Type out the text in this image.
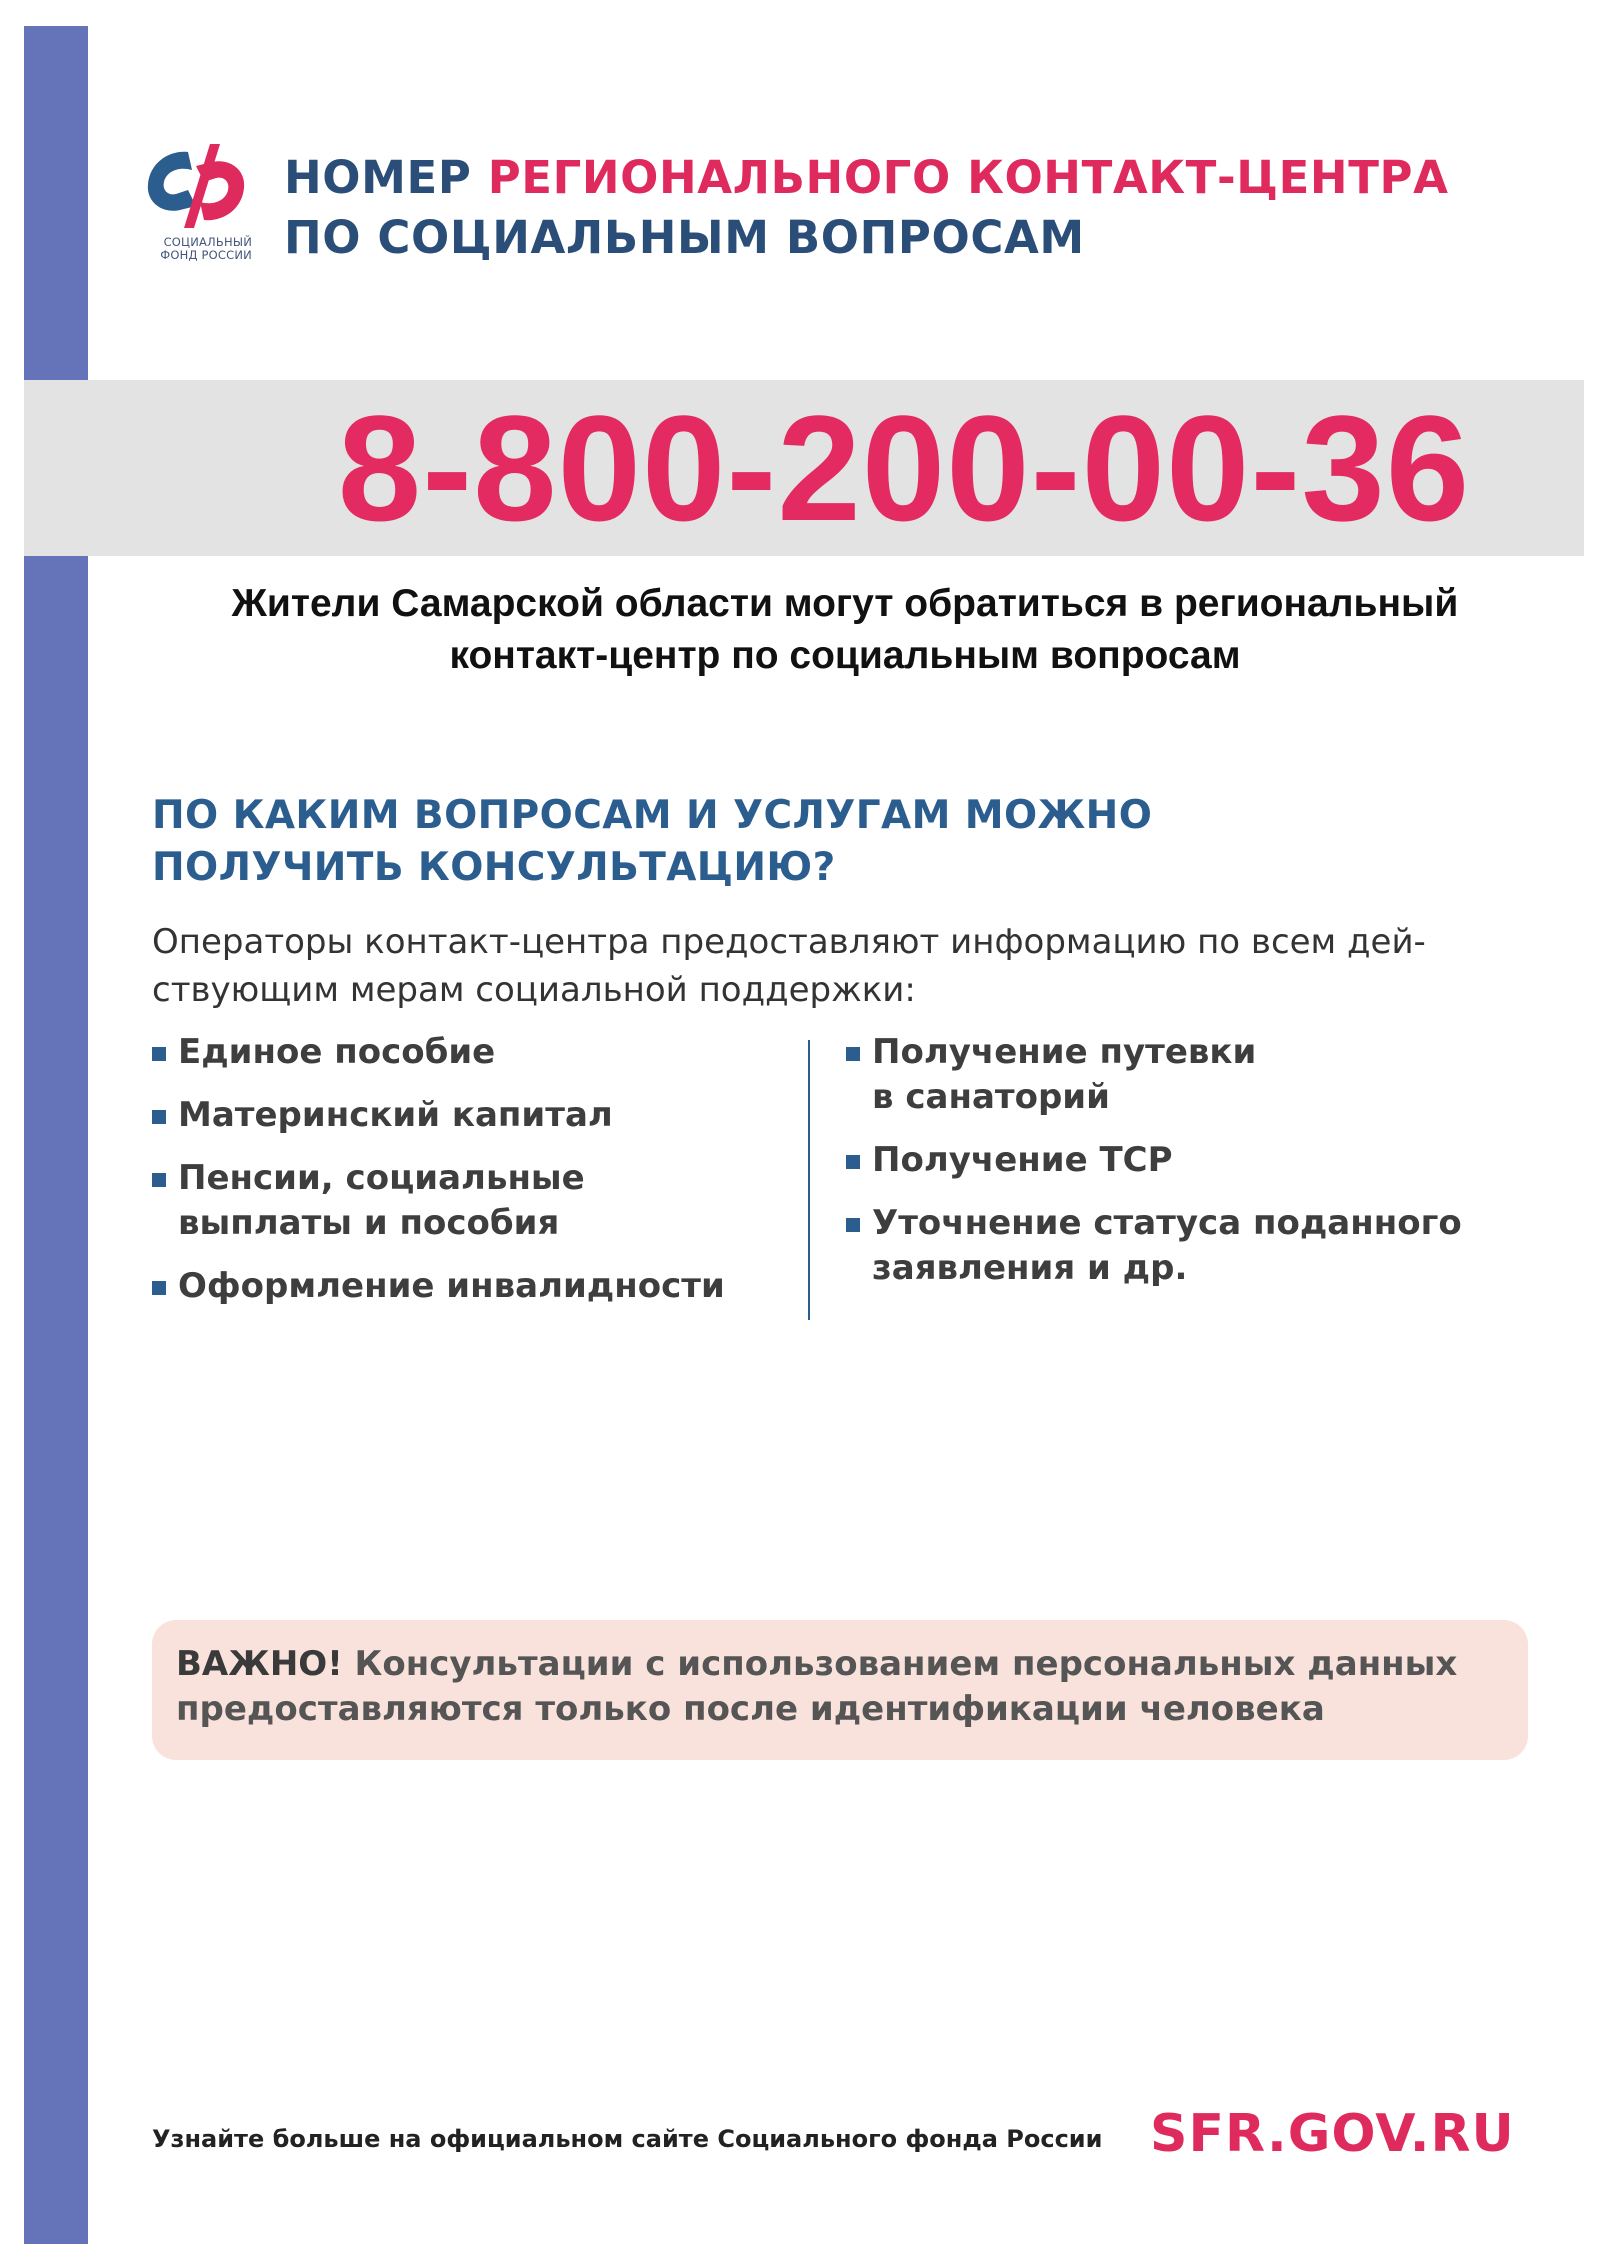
СОЦИАЛЬНЫЙ
ФОНД РОССИИ
НОМЕР РЕГИОНАЛЬНОГО КОНТАКТ-ЦЕНТРА
ПО СОЦИАЛЬНЫМ ВОПРОСАМ
8-800-200-00-36
Жители Самарской области могут обратиться в региональный
контакт-центр по социальным вопросам
ПО КАКИМ ВОПРОСАМ И УСЛУГАМ МОЖНО
ПОЛУЧИТЬ КОНСУЛЬТАЦИЮ?
Операторы контакт-центра предоставляют информацию по всем дей-
ствующим мерам социальной поддержки:
Единое пособие
Материнский капитал
Пенсии, социальные
выплаты и пособия
Оформление инвалидности
Получение путевки
в санаторий
Получение ТСР
Уточнение статуса поданного
заявления и др.
ВАЖНО! Консультации с использованием персональных данных
предоставляются только после идентификации человека
Узнайте больше на официальном сайте Социального фонда России SFR.GOV.RU
